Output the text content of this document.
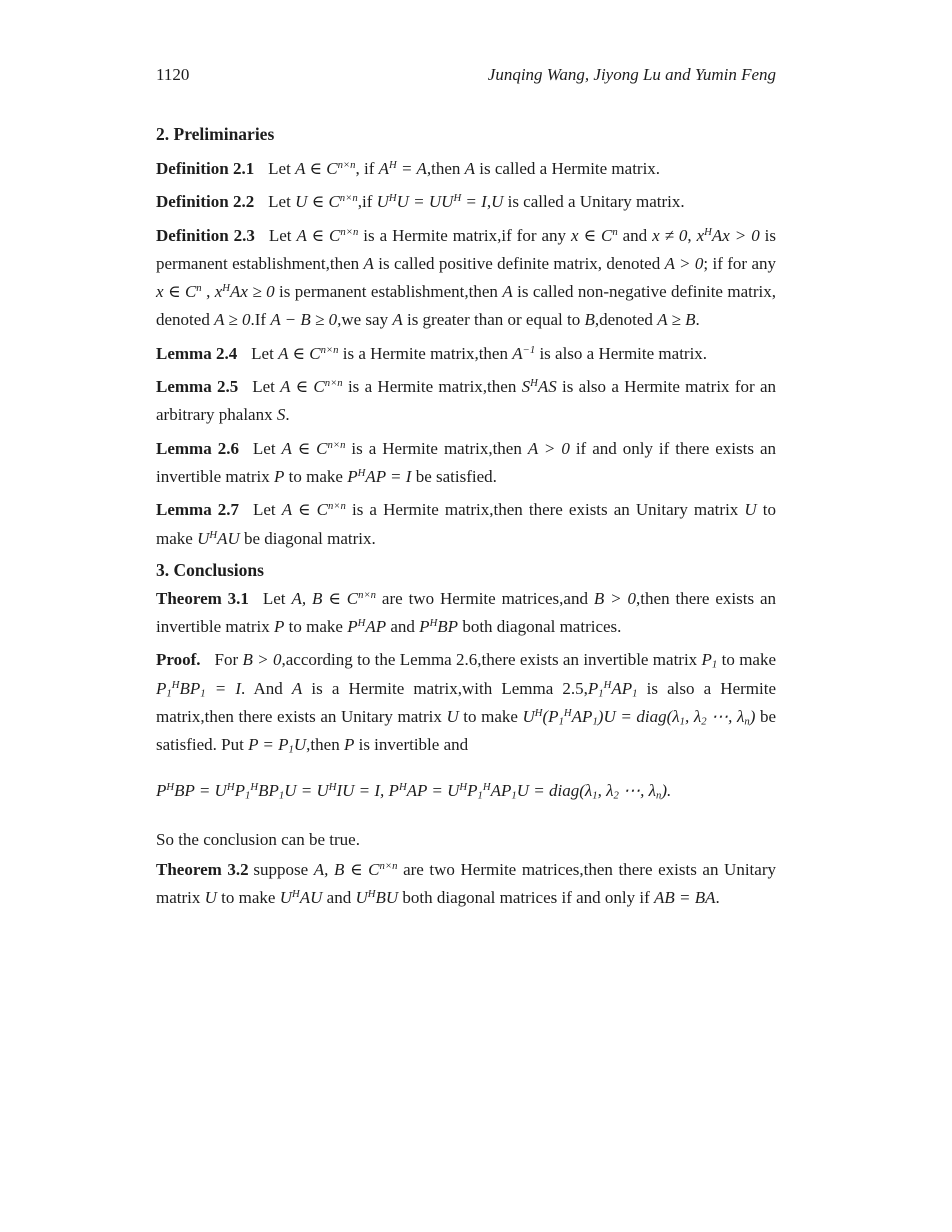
1120	Junqing Wang, Jiyong Lu and Yumin Feng
2. Preliminaries

Definition 2.1 Let A ∈ $C^{n\times n}$, if $A^H$ = A,then A is called a Hermite matrix.

Definition 2.2 Let U ∈ $C^{n\times n},if$ $U^HU = UU^H = I,U$ is called a Unitary matrix.

Definition 2.3 Let A ∈ $C^{n\times n}$ is a Hermite matrix,if for any x ∈ $C^n$ and x ≠ 0, $x^HAx > 0$ is permanent establishment,then A is called positive definite matrix, denoted A > 0; if for any x ∈ $C^n$ , $x^HAx \ge 0$ is permanent establishment,then A is called non-negative definite matrix, denoted A ≥ 0.If A − B ≥ 0,we say A is greater than or equal to B,denoted A ≥ B.

Lemma 2.4 Let A ∈ $C^{n\times n}$ is a Hermite matrix,then $A^{-1}$ is also a Hermite matrix.

Lemma 2.5 Let A ∈ $C^{n\times n}$ is a Hermite matrix,then $S^HAS$ is also a Hermite matrix for an arbitrary phalanx S.

Lemma 2.6 Let A ∈ $C^{n\times n}$ is a Hermite matrix,then A > 0 if and only if there exists an invertible matrix P to make $P^HAP = I$ be satisfied.

Lemma 2.7 Let A ∈ $C^{n\times n}$ is a Hermite matrix,then there exists an Unitary matrix U to make $U^HAU$ be diagonal matrix.

3. Conclusions

Theorem 3.1 Let A, B ∈ $C^{n\times n}$ are two Hermite matrices,and B > 0,then there exists an invertible matrix P to make $P^HAP$ and $P^HBP$ both diagonal matrices.

Proof. For B > 0,according to the Lemma 2.6,there exists an invertible matrix $P_1$ to make $P_1^HBP_1 = I$. And A is a Hermite matrix,with Lemma $2.5,P_1^HAP_1$ is also a Hermite matrix,then there exists an Unitary matrix U to make $U^H(P_1^HAP_1)U$ = $diag(\lambda_1$, $\lambda_2$ ⋯, $\lambda_n$) be satisfied. Put $P = P_1U,then$ P is invertible and

$P^HBP = U^HP_1^HBP_1U = U^HIU = I$, $P^HAP = U^HP_1^HAP_1U$ = $diag(\lambda_1$, $\lambda_2$ ⋯, $\lambda_n$).

So the conclusion can be true.

Theorem 3.2 suppose A, B ∈ $C^{n\times n}$ are two Hermite matrices,then there exists an Unitary matrix U to make $U^HAU$ and $U^HBU$ both diagonal matrices if and only if AB = BA.
